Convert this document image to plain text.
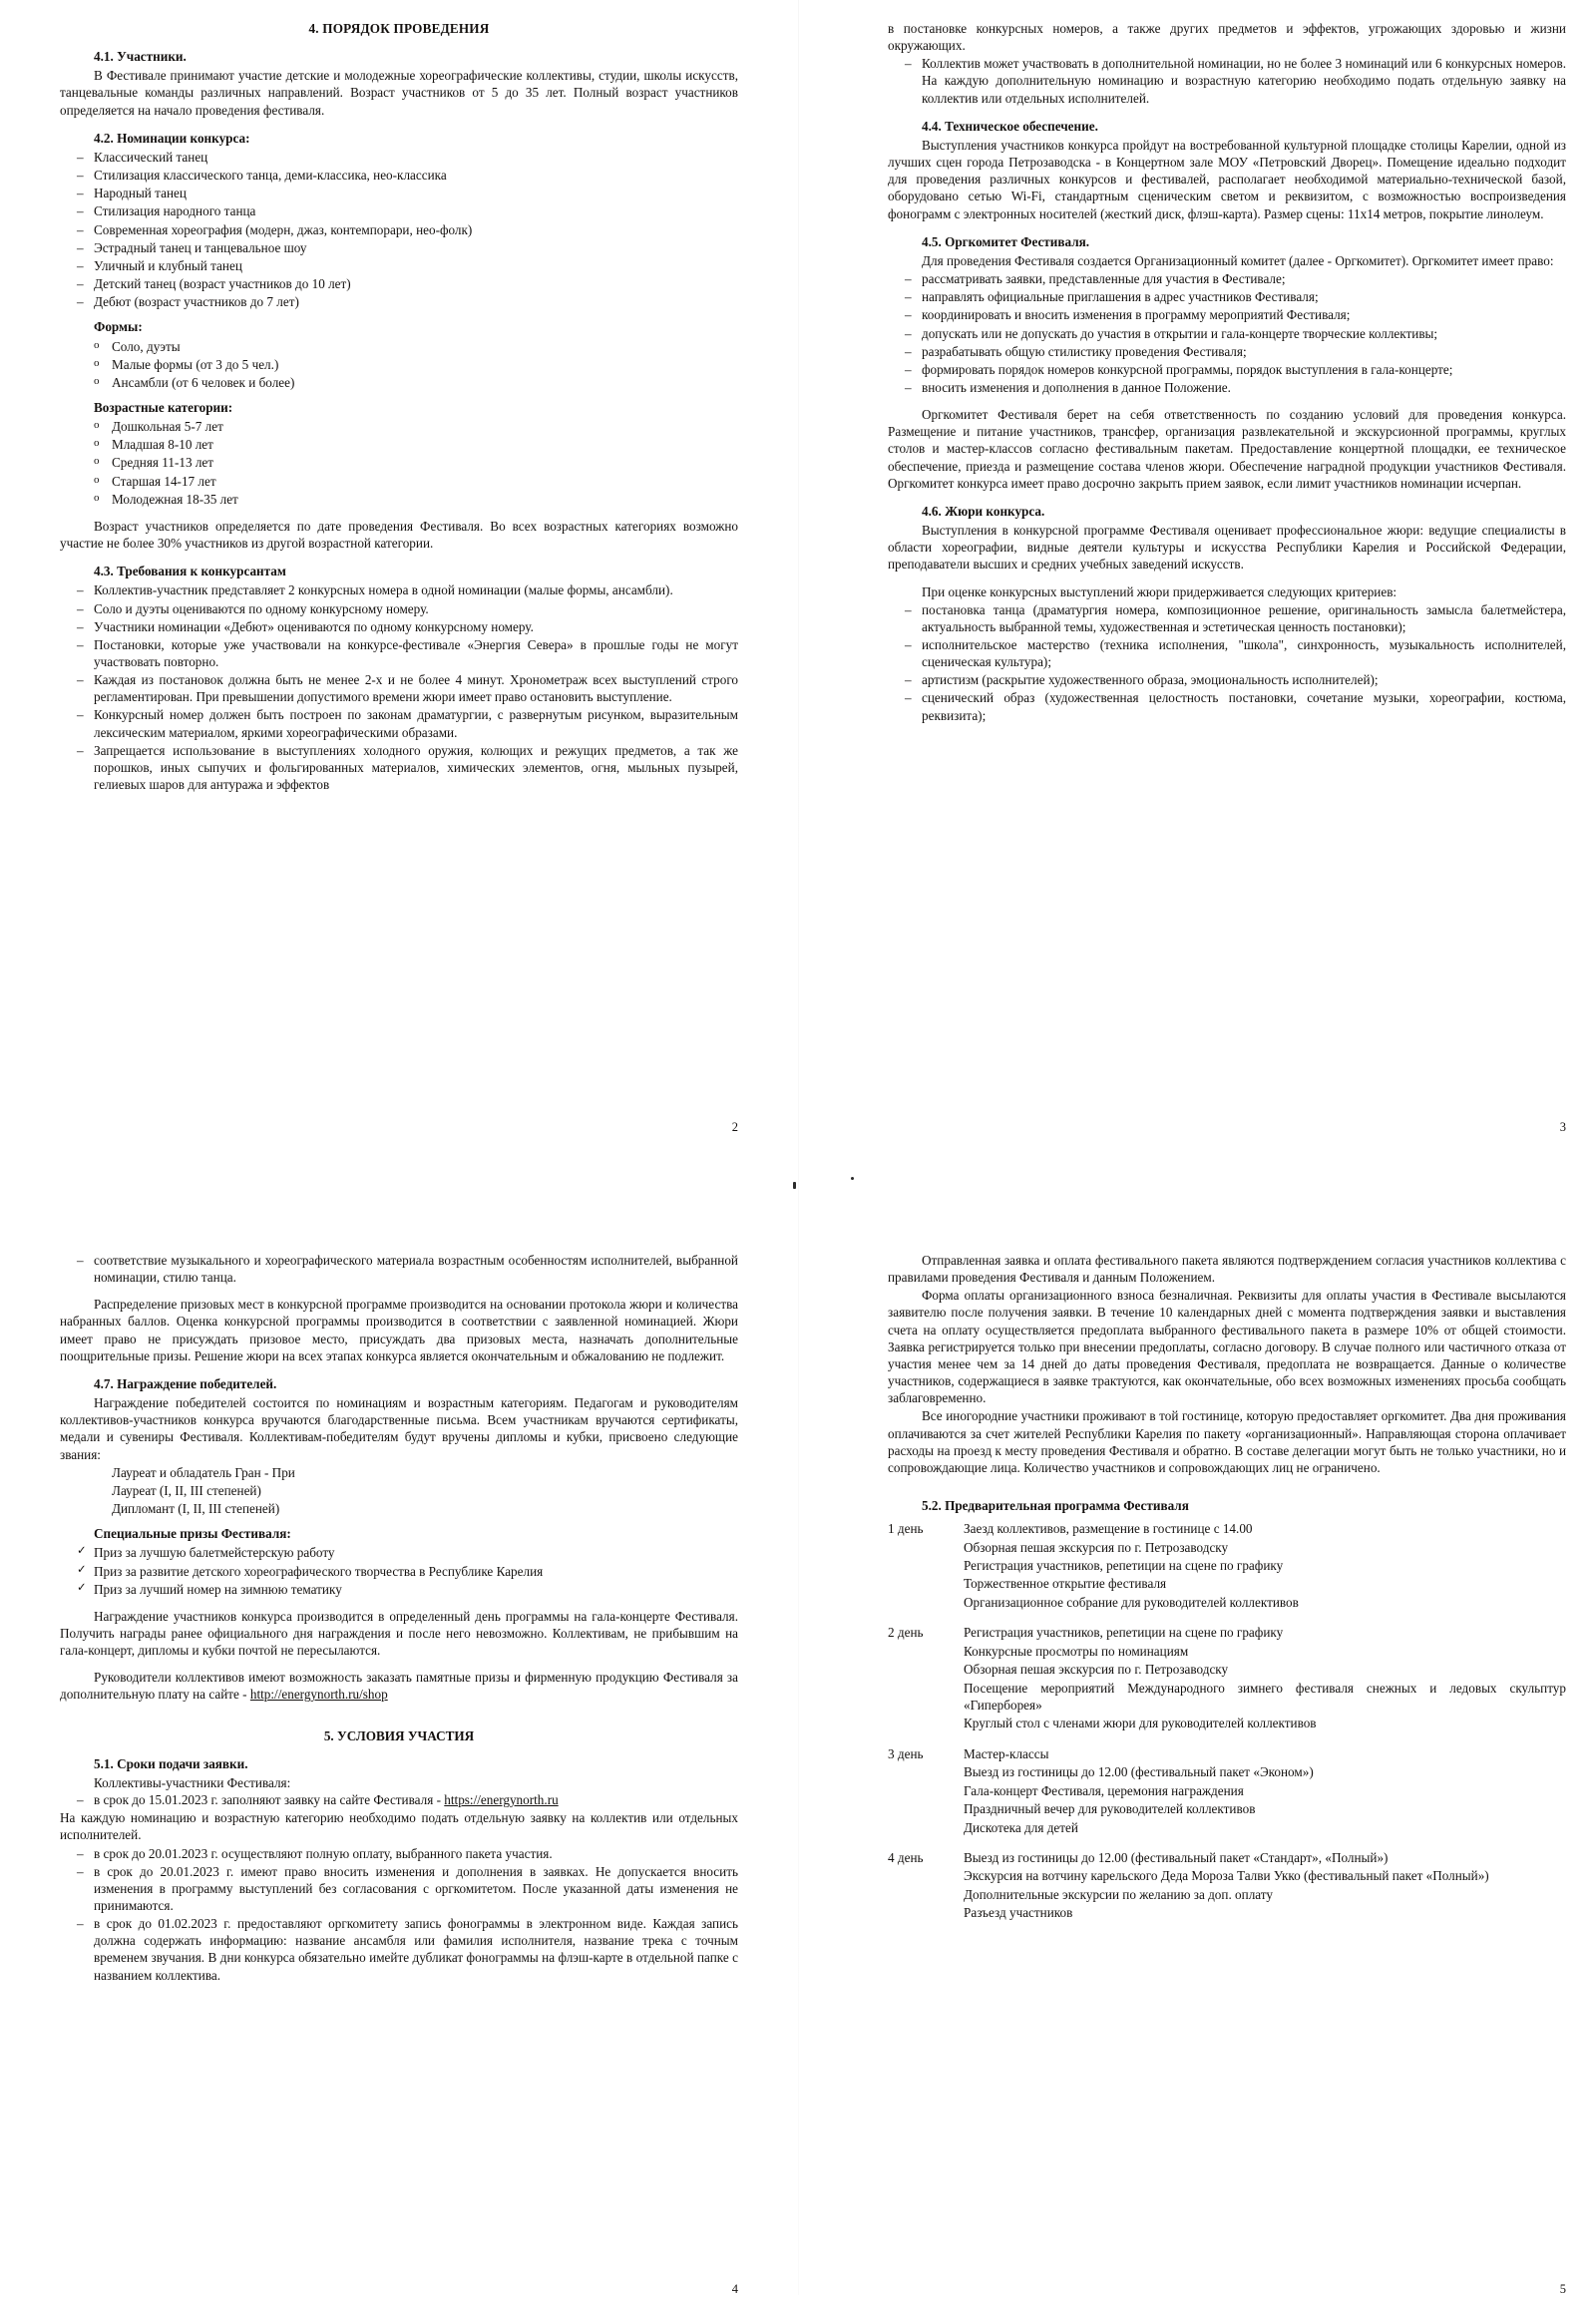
4. ПОРЯДОК ПРОВЕДЕНИЯ
4.1. Участники.

В Фестивале принимают участие детские и молодежные хореографические коллективы, студии, школы искусств, танцевальные команды различных направлений. Возраст участников от 5 до 35 лет. Полный возраст участников определяется на начало проведения фестиваля.

4.2. Номинации конкурса:
– Классический танец
– Стилизация классического танца, деми-классика, нео-классика
– Народный танец
– Стилизация народного танца
– Современная хореография (модерн, джаз, контемпорари, нео-фолк)
– Эстрадный танец и танцевальное шоу
– Уличный и клубный танец
– Детский танец (возраст участников до 10 лет)
– Дебют (возраст участников до 7 лет)
Формы:
o Соло, дуэты
o Малые формы (от 3 до 5 чел.)
o Ансамбли (от 6 человек и более)
Возрастные категории:
o Дошкольная 5-7 лет
o Младшая 8-10 лет
o Средняя 11-13 лет
o Старшая 14-17 лет
o Молодежная 18-35 лет

Возраст участников определяется по дате проведения Фестиваля. Во всех возрастных категориях возможно участие не более 30% участников из другой возрастной категории.

4.3. Требования к конкурсантам
– Коллектив-участник представляет 2 конкурсных номера в одной номинации (малые формы, ансамбли).
– Соло и дуэты оцениваются по одному конкурсному номеру.
– Участники номинации «Дебют» оцениваются по одному конкурсному номеру.
– Постановки, которые уже участвовали на конкурсе-фестивале «Энергия Севера» в прошлые годы не могут участвовать повторно.
– Каждая из постановок должна быть не менее 2-х и не более 4 минут. Хронометраж всех выступлений строго регламентирован. При превышении допустимого времени жюри имеет право остановить выступление.
– Конкурсный номер должен быть построен по законам драматургии, с развернутым рисунком, выразительным лексическим материалом, яркими хореографическими образами.
– Запрещается использование в выступлениях холодного оружия, колющих и режущих предметов, а так же порошков, иных сыпучих и фольгированных материалов, химических элементов, огня, мыльных пузырей, гелиевых шаров для антуража и эффектов
2

в постановке конкурсных номеров, а также других предметов и эффектов, угрожающих здоровью и жизни окружающих.

– Коллектив может участвовать в дополнительной номинации, но не более 3 номинаций или 6 конкурсных номеров. На каждую дополнительную номинацию и возрастную категорию необходимо подать отдельную заявку на коллектив или отдельных исполнителей.
4.4. Техническое обеспечение.

Выступления участников конкурса пройдут на востребованной культурной площадке столицы Карелии, одной из лучших сцен города Петрозаводска - в Концертном зале МОУ «Петровский Дворец». Помещение идеально подходит для проведения различных конкурсов и фестивалей, располагает необходимой материально-технической базой, оборудовано сетью Wi-Fi, стандартным сценическим светом и реквизитом, с возможностью воспроизведения фонограмм с электронных носителей (жесткий диск, флэш-карта). Размер сцены: 11х14 метров, покрытие линолеум.

4.5. Оргкомитет Фестиваля.

Для проведения Фестиваля создается Организационный комитет (далее - Оргкомитет). Оргкомитет имеет право:

– рассматривать заявки, представленные для участия в Фестивале;
– направлять официальные приглашения в адрес участников Фестиваля;
– координировать и вносить изменения в программу мероприятий Фестиваля;
– допускать или не допускать до участия в открытии и гала-концерте творческие коллективы;
– разрабатывать общую стилистику проведения Фестиваля;
– формировать порядок номеров конкурсной программы, порядок выступления в гала-концерте;
– вносить изменения и дополнения в данное Положение.

Оргкомитет Фестиваля берет на себя ответственность по созданию условий для проведения конкурса. Размещение и питание участников, трансфер, организация развлекательной и экскурсионной программы, круглых столов и мастер-классов согласно фестивальным пакетам. Предоставление концертной площадки, ее техническое обеспечение, приезда и размещение состава членов жюри. Обеспечение наградной продукции участников Фестиваля. Оргкомитет конкурса имеет право досрочно закрыть прием заявок, если лимит участников номинации исчерпан.

4.6. Жюри конкурса.

Выступления в конкурсной программе Фестиваля оценивает профессиональное жюри: ведущие специалисты в области хореографии, видные деятели культуры и искусства Республики Карелия и Российской Федерации, преподаватели высших и средних учебных заведений искусств.

При оценке конкурсных выступлений жюри придерживается следующих критериев:

– постановка танца (драматургия номера, композиционное решение, оригинальность замысла балетмейстера, актуальность выбранной темы, художественная и эстетическая ценность постановки);
– исполнительское мастерство (техника исполнения, "школа", синхронность, музыкальность исполнителей, сценическая культура);
– артистизм (раскрытие художественного образа, эмоциональность исполнителей);
– сценический образ (художественная целостность постановки, сочетание музыки, хореографии, костюма, реквизита);
3
– соответствие музыкального и хореографического материала возрастным особенностям исполнителей, выбранной номинации, стилю танца.

Распределение призовых мест в конкурсной программе производится на основании протокола жюри и количества набранных баллов. Оценка конкурсной программы производится в соответствии с заявленной номинацией. Жюри имеет право не присуждать призовое место, присуждать два призовых места, назначать дополнительные поощрительные призы. Решение жюри на всех этапах конкурса является окончательным и обжалованию не подлежит.

4.7. Награждение победителей.

Награждение победителей состоится по номинациям и возрастным категориям. Педагогам и руководителям коллективов-участников конкурса вручаются благодарственные письма. Всем участникам вручаются сертификаты, медали и сувениры Фестиваля. Коллективам-победителям будут вручены дипломы и кубки, присвоено следующие звания:

Лауреат и обладатель Гран - При
Лауреат (I, II, III степеней)
Дипломант (I, II, III степеней)
Специальные призы Фестиваля:
✓ Приз за лучшую балетмейстерскую работу
✓ Приз за развитие детского хореографического творчества в Республике Карелия
✓ Приз за лучший номер на зимнюю тематику

Награждение участников конкурса производится в определенный день программы на гала-концерте Фестиваля. Получить награды ранее официального дня награждения и после него невозможно. Коллективам, не прибывшим на гала-концерт, дипломы и кубки почтой не пересылаются.

Руководители коллективов имеют возможность заказать памятные призы и фирменную продукцию Фестиваля за дополнительную плату на сайте - http://energynorth.ru/shop

5. УСЛОВИЯ УЧАСТИЯ
5.1. Сроки подачи заявки.

Коллективы-участники Фестиваля:

– в срок до 15.01.2023 г. заполняют заявку на сайте Фестиваля - https://energynorth.ru

На каждую номинацию и возрастную категорию необходимо подать отдельную заявку на коллектив или отдельных исполнителей.

– в срок до 20.01.2023 г. осуществляют полную оплату, выбранного пакета участия.
– в срок до 20.01.2023 г. имеют право вносить изменения и дополнения в заявках. Не допускается вносить изменения в программу выступлений без согласования с оргкомитетом. После указанной даты изменения не принимаются.
– в срок до 01.02.2023 г. предоставляют оргкомитету запись фонограммы в электронном виде. Каждая запись должна содержать информацию: название ансамбля или фамилия исполнителя, название трека с точным временем звучания. В дни конкурса обязательно имейте дубликат фонограммы на флэш-карте в отдельной папке с названием коллектива.
4

Отправленная заявка и оплата фестивального пакета являются подтверждением согласия участников коллектива с правилами проведения Фестиваля и данным Положением.

Форма оплаты организационного взноса безналичная. Реквизиты для оплаты участия в Фестивале высылаются заявителю после получения заявки. В течение 10 календарных дней с момента подтверждения заявки и выставления счета на оплату осуществляется предоплата выбранного фестивального пакета в размере 10% от общей стоимости. Заявка регистрируется только при внесении предоплаты, согласно договору. В случае полного или частичного отказа от участия менее чем за 14 дней до даты проведения Фестиваля, предоплата не возвращается. Данные о количестве участников, содержащиеся в заявке трактуются, как окончательные, обо всех возможных изменениях просьба сообщать заблаговременно.

Все иногородние участники проживают в той гостинице, которую предоставляет оргкомитет. Два дня проживания оплачиваются за счет жителей Республики Карелия по пакету «организационный». Направляющая сторона оплачивает расходы на проезд к месту проведения Фестиваля и обратно. В составе делегации могут быть не только участники, но и сопровождающие лица. Количество участников и сопровождающих лиц не ограничено.

5.2. Предварительная программа Фестиваля
1 день	Заезд коллективов, размещение в гостинице с 14.00
Обзорная пешая экскурсия по г. Петрозаводску
Регистрация участников, репетиции на сцене по графику
Торжественное открытие фестиваля
Организационное собрание для руководителей коллективов

2 день	Регистрация участников, репетиции на сцене по графику
Конкурсные просмотры по номинациям
Обзорная пешая экскурсия по г. Петрозаводску
Посещение мероприятий Международного зимнего фестиваля снежных и ледовых скульптур «Гиперборея»
Круглый стол с членами жюри для руководителей коллективов

3 день	Мастер-классы
Выезд из гостиницы до 12.00 (фестивальный пакет «Эконом»)
Гала-концерт Фестиваля, церемония награждения
Праздничный вечер для руководителей коллективов
Дискотека для детей

4 день	Выезд из гостиницы до 12.00 (фестивальный пакет «Стандарт», «Полный»)
Экскурсия на вотчину карельского Деда Мороза Талви Укко (фестивальный пакет «Полный»)
Дополнительные экскурсии по желанию за доп. оплату
Разъезд участников
5
